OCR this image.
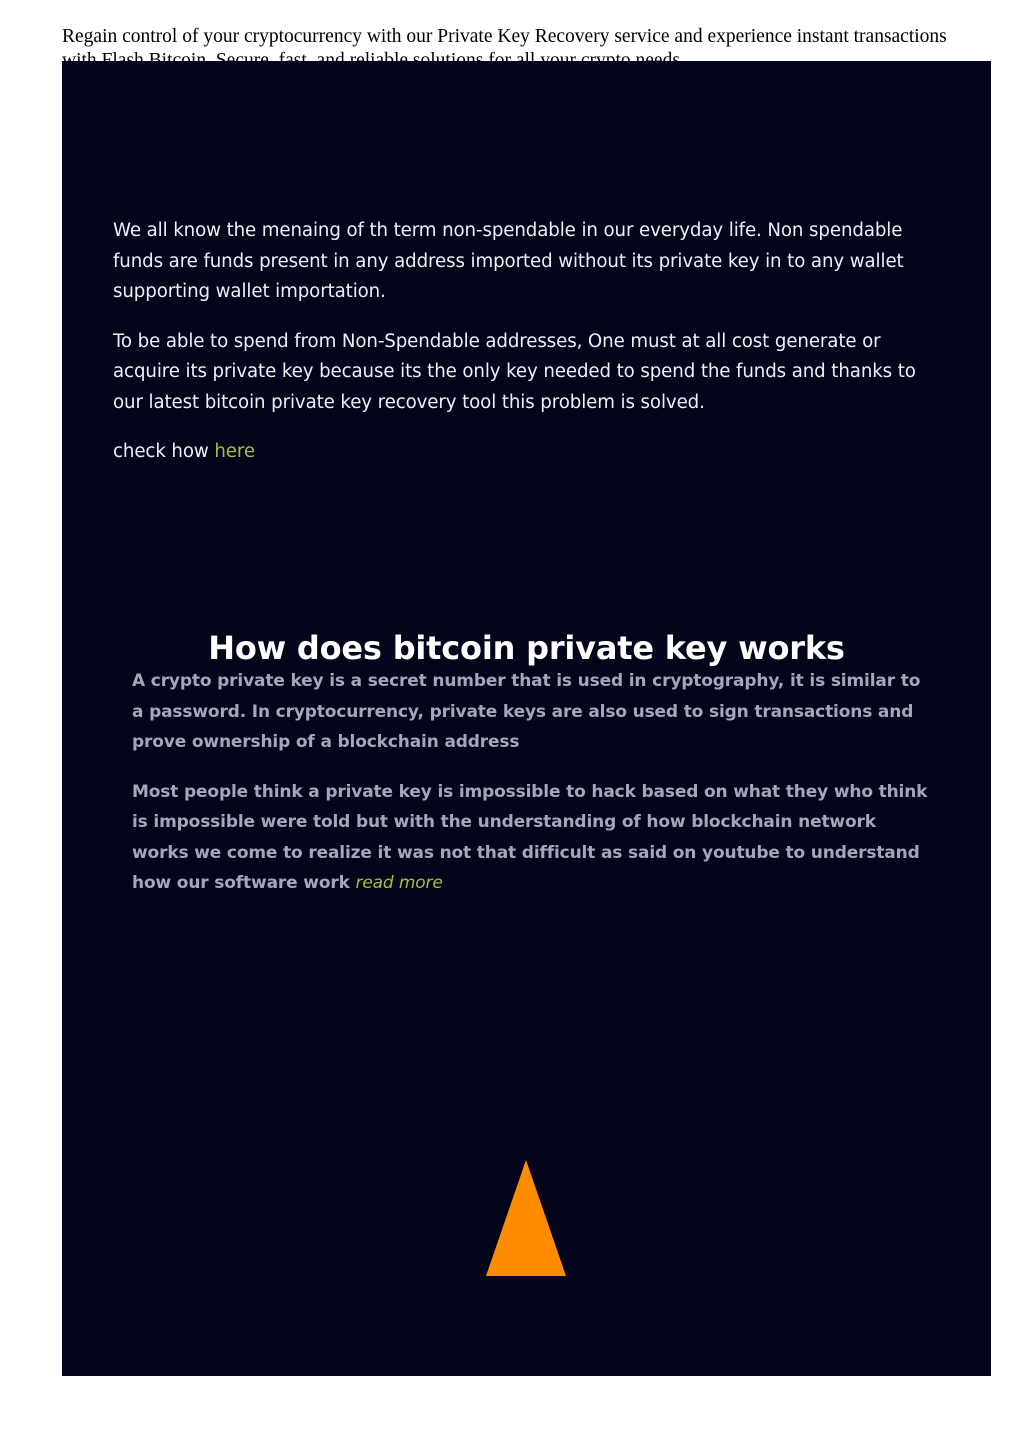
Regain control of your cryptocurrency with our Private Key Recovery service and experience instant transactions

We all know the menaing of th term non-spendable in our everyday life. Non spendable funds are funds present in any address imported without its private key in to any wallet supporting wallet importation.

To be able to spend from Non-Spendable addresses, One must at all cost generate or acquire its private key because its the only key needed to spend the funds and thanks to our latest bitcoin private key recovery tool this problem is solved.

check how here

How does bitcoin private key works

A crypto private key is a secret number that is used in cryptography, it is similar to a password. In cryptocurrency, private keys are also used to sign transactions and prove ownership of a blockchain address

Most people think a private key is impossible to hack based on what they who think is impossible were told but with the understanding of how blockchain network works we come to realize it was not that difficult as said on youtube to understand how our software work read more
